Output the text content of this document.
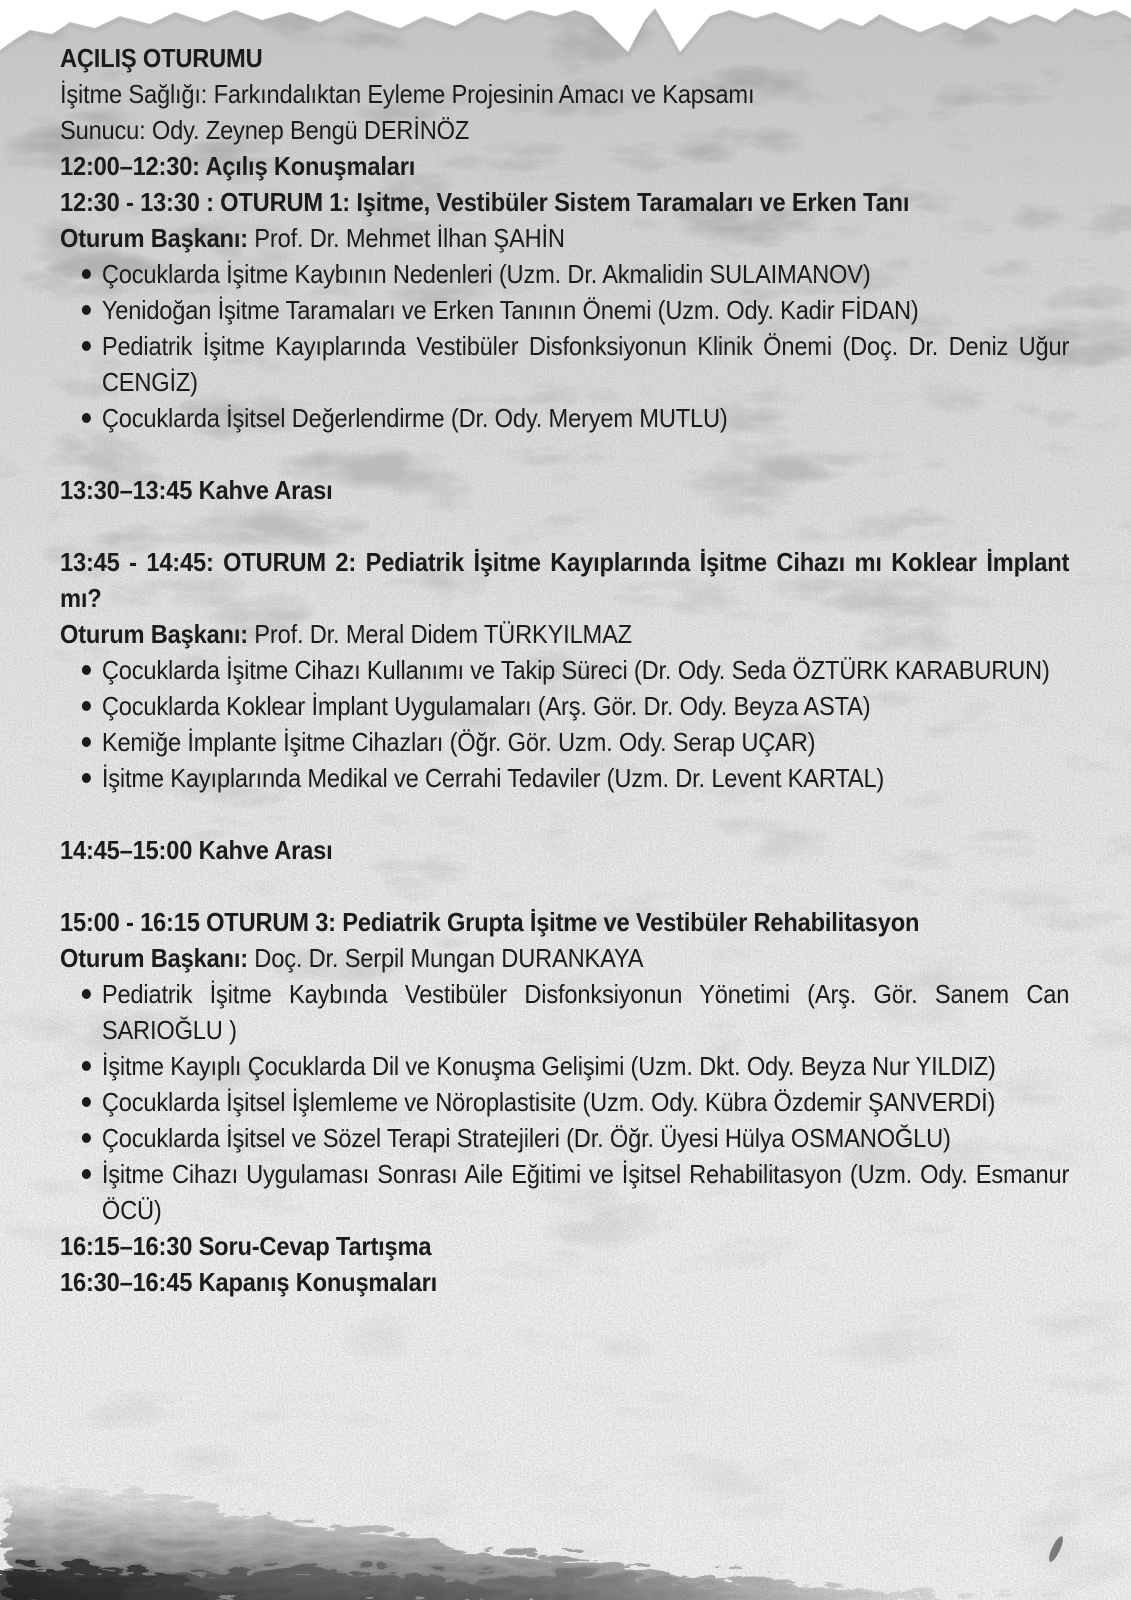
AÇILIŞ OTURUMU

İşitme Sağlığı: Farkındalıktan Eyleme Projesinin Amacı ve Kapsamı

Sunucu: Ody. Zeynep Bengü DERİNÖZ

12:00–12:30: Açılış Konuşmaları

12:30 - 13:30 : OTURUM 1: Işitme, Vestibüler Sistem Taramaları ve Erken Tanı

Oturum Başkanı: Prof. Dr. Mehmet İlhan ŞAHİN

Çocuklarda İşitme Kaybının Nedenleri (Uzm. Dr. Akmalidin SULAIMANOV)
Yenidoğan İşitme Taramaları ve Erken Tanının Önemi (Uzm. Ody. Kadir FİDAN)
Pediatrik İşitme Kayıplarında Vestibüler Disfonksiyonun Klinik Önemi (Doç. Dr. Deniz Uğur CENGİZ)
Çocuklarda İşitsel Değerlendirme (Dr. Ody. Meryem MUTLU)

13:30–13:45 Kahve Arası

13:45 - 14:45: OTURUM 2: Pediatrik İşitme Kayıplarında İşitme Cihazı mı Koklear İmplant mı?

Oturum Başkanı: Prof. Dr. Meral Didem TÜRKYILMAZ

Çocuklarda İşitme Cihazı Kullanımı ve Takip Süreci (Dr. Ody. Seda ÖZTÜRK KARABURUN)
Çocuklarda Koklear İmplant Uygulamaları (Arş. Gör. Dr. Ody. Beyza ASTA)
Kemiğe İmplante İşitme Cihazları (Öğr. Gör. Uzm. Ody. Serap UÇAR)
İşitme Kayıplarında Medikal ve Cerrahi Tedaviler (Uzm. Dr. Levent KARTAL)

14:45–15:00 Kahve Arası

15:00 - 16:15 OTURUM 3: Pediatrik Grupta İşitme ve Vestibüler Rehabilitasyon

Oturum Başkanı: Doç. Dr. Serpil Mungan DURANKAYA

Pediatrik İşitme Kaybında Vestibüler Disfonksiyonun Yönetimi (Arş. Gör. Sanem Can SARIOĞLU )
İşitme Kayıplı Çocuklarda Dil ve Konuşma Gelişimi (Uzm. Dkt. Ody. Beyza Nur YILDIZ)
Çocuklarda İşitsel İşlemleme ve Nöroplastisite (Uzm. Ody. Kübra Özdemir ŞANVERDİ)
Çocuklarda İşitsel ve Sözel Terapi Stratejileri (Dr. Öğr. Üyesi Hülya OSMANOĞLU)
İşitme Cihazı Uygulaması Sonrası Aile Eğitimi ve İşitsel Rehabilitasyon (Uzm. Ody. Esmanur ÖCÜ)

16:15–16:30 Soru-Cevap Tartışma

16:30–16:45 Kapanış Konuşmaları
